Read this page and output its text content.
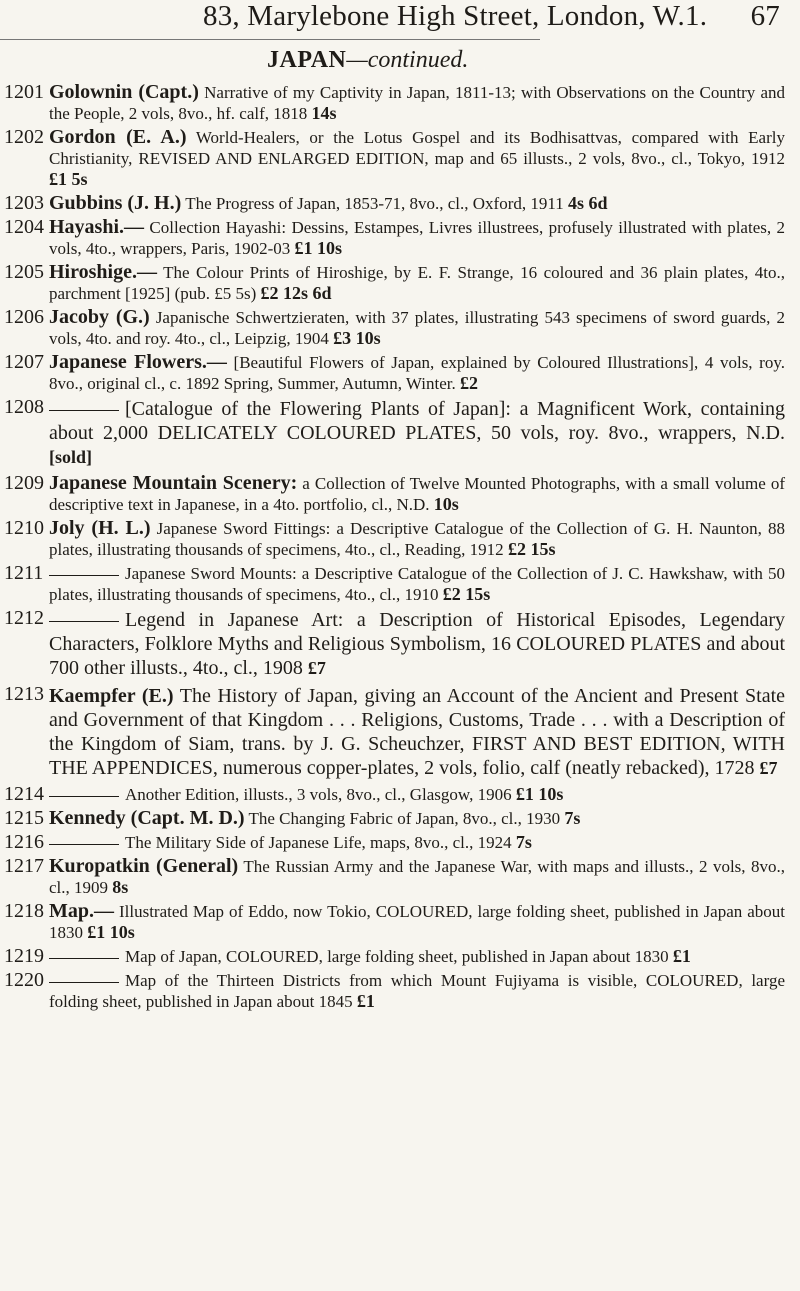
83, Marylebone High Street, London, W.1. 67
JAPAN—continued.
1201 Golownin (Capt.) Narrative of my Captivity in Japan, 1811-13; with Observations on the Country and the People, 2 vols, 8vo., hf. calf, 1818 14s
1202 Gordon (E. A.) World-Healers, or the Lotus Gospel and its Bodhisattvas, compared with Early Christianity, REVISED AND ENLARGED EDITION, map and 65 illusts., 2 vols, 8vo., cl., Tokyo, 1912 £1 5s
1203 Gubbins (J. H.) The Progress of Japan, 1853-71, 8vo., cl., Oxford, 1911 4s 6d
1204 Hayashi.— Collection Hayashi: Dessins, Estampes, Livres illustrees, profusely illustrated with plates, 2 vols, 4to., wrappers, Paris, 1902-03 £1 10s
1205 Hiroshige.— The Colour Prints of Hiroshige, by E. F. Strange, 16 coloured and 36 plain plates, 4to., parchment [1925] (pub. £5 5s) £2 12s 6d
1206 Jacoby (G.) Japanische Schwertzieraten, with 37 plates, illustrating 543 specimens of sword guards, 2 vols, 4to. and roy. 4to., cl., Leipzig, 1904 £3 10s
1207 Japanese Flowers.— [Beautiful Flowers of Japan, explained by Coloured Illustrations], 4 vols, roy. 8vo., original cl., c. 1892 Spring, Summer, Autumn, Winter. £2
1208	[Catalogue of the Flowering Plants of Japan]: a Magnificent Work, containing about 2,000 DELICATELY COLOURED PLATES, 50 vols, roy. 8vo., wrappers, N.D. [sold]
1209 Japanese Mountain Scenery: a Collection of Twelve Mounted Photographs, with a small volume of descriptive text in Japanese, in a 4to. portfolio, cl., N.D. 10s
1210 Joly (H. L.) Japanese Sword Fittings: a Descriptive Catalogue of the Collection of G. H. Naunton, 88 plates, illustrating thousands of specimens, 4to., cl., Reading, 1912 £2 15s
1211	Japanese Sword Mounts: a Descriptive Catalogue of the Collection of J. C. Hawkshaw, with 50 plates, illustrating thousands of specimens, 4to., cl., 1910 £2 15s
1212	Legend in Japanese Art: a Description of Historical Episodes, Legendary Characters, Folklore Myths and Religious Symbolism, 16 COLOURED PLATES and about 700 other illusts., 4to., cl., 1908 £7
1213 Kaempfer (E.) The History of Japan, giving an Account of the Ancient and Present State and Government of that Kingdom . . . Religions, Customs, Trade . . . with a Description of the Kingdom of Siam, trans. by J. G. Scheuchzer, FIRST AND BEST EDITION, WITH THE APPENDICES, numerous copper-plates, 2 vols, folio, calf (neatly rebacked), 1728 £7
1214	Another Edition, illusts., 3 vols, 8vo., cl., Glasgow, 1906 £1 10s
1215 Kennedy (Capt. M. D.) The Changing Fabric of Japan, 8vo., cl., 1930 7s
1216	The Military Side of Japanese Life, maps, 8vo., cl., 1924 7s
1217 Kuropatkin (General) The Russian Army and the Japanese War, with maps and illusts., 2 vols, 8vo., cl., 1909 8s
1218 Map.— Illustrated Map of Eddo, now Tokio, COLOURED, large folding sheet, published in Japan about 1830 £1 10s
1219	Map of Japan, COLOURED, large folding sheet, published in Japan about 1830 £1
1220	Map of the Thirteen Districts from which Mount Fujiyama is visible, COLOURED, large folding sheet, published in Japan about 1845 £1
